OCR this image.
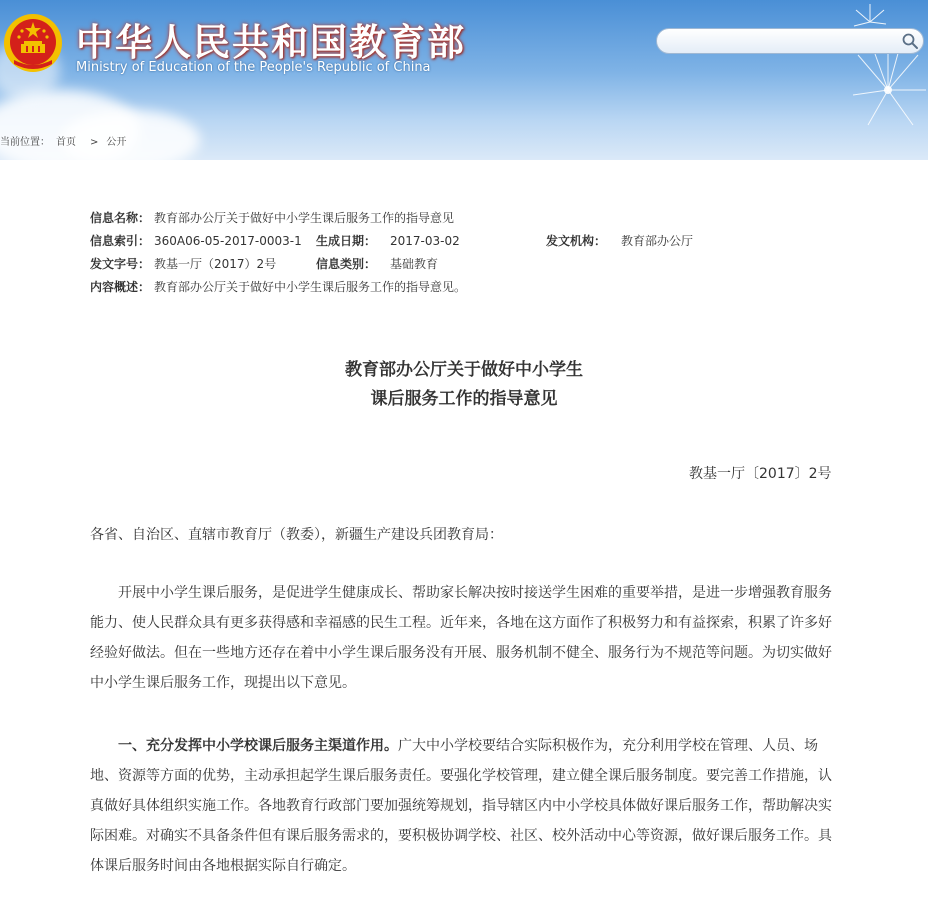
中华人民共和国教育部
Ministry of Education of the People's Republic of China
当前位置： 首页 > 公开
信息名称： 教育部办公厅关于做好中小学生课后服务工作的指导意见
信息索引： 360A06-05-2017-0003-1 生成日期： 2017-03-02	发文机构： 教育部办公厅
发文字号： 教基一厅（2017）2号	信息类别： 基础教育
内容概述： 教育部办公厅关于做好中小学生课后服务工作的指导意见。
教育部办公厅关于做好中小学生
课后服务工作的指导意见
教基一厅〔2017〕2号
各省、自治区、直辖市教育厅（教委），新疆生产建设兵团教育局：
开展中小学生课后服务，是促进学生健康成长、帮助家长解决按时接送学生困难的重要举措，是进一步增强教育服务能力、使人民群众具有更多获得感和幸福感的民生工程。近年来，各地在这方面作了积极努力和有益探索，积累了许多好经验好做法。但在一些地方还存在着中小学生课后服务没有开展、服务机制不健全、服务行为不规范等问题。为切实做好中小学生课后服务工作，现提出以下意见。
一、充分发挥中小学校课后服务主渠道作用。广大中小学校要结合实际积极作为，充分利用学校在管理、人员、场地、资源等方面的优势，主动承担起学生课后服务责任。要强化学校管理，建立健全课后服务制度。要完善工作措施，认真做好具体组织实施工作。各地教育行政部门要加强统筹规划，指导辖区内中小学校具体做好课后服务工作，帮助解决实际困难。对确实不具备条件但有课后服务需求的，要积极协调学校、社区、校外活动中心等资源，做好课后服务工作。具体课后服务时间由各地根据实际自行确定。
